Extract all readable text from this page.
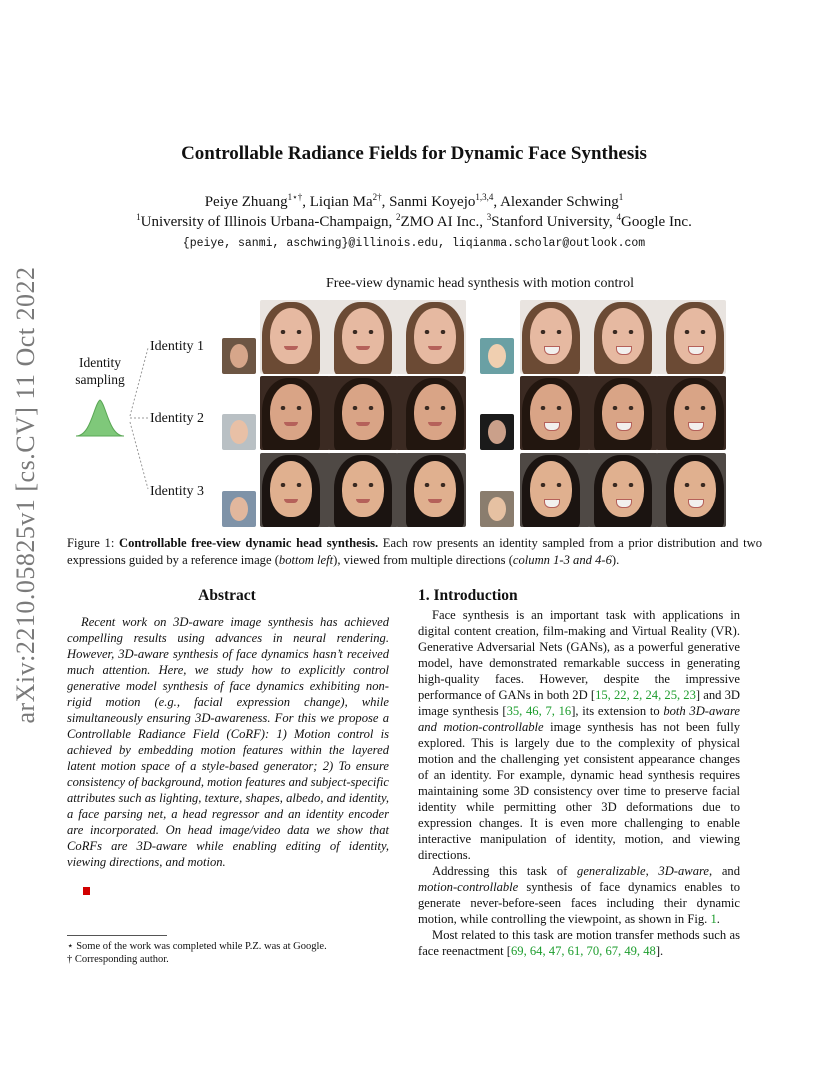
arXiv:2210.05825v1 [cs.CV] 11 Oct 2022
Controllable Radiance Fields for Dynamic Face Synthesis
Peiye Zhuang$^{1⋆\dagger}$, Liqian $Ma^{2\dagger}$, Sanmi Koyejo$^{1,3,4}$, Alexander Schwing$^1$
$^1$University of Illinois Urbana-Champaign, $^2$ZMO AI Inc., $^3$Stanford University, $^4$Google Inc.
{peiye, sanmi, aschwing}@illinois.edu, liqianma.scholar@outlook.com
Free-view dynamic head synthesis with motion control
Identity sampling
Identity 1
Identity 2
Identity 3
Figure 1: Controllable free-view dynamic head synthesis. Each row presents an identity sampled from a prior distribution and two expressions guided by a reference image (bottom left), viewed from multiple directions (column 1-3 and 4-6).
Abstract
Recent work on 3D-aware image synthesis has achieved compelling results using advances in neural rendering. However, 3D-aware synthesis of face dynamics hasn’t received much attention. Here, we study how to explicitly control generative model synthesis of face dynamics exhibiting non-rigid motion (e.g., facial expression change), while simultaneously ensuring 3D-awareness. For this we propose a Controllable Radiance Field (CoRF): 1) Motion control is achieved by embedding motion features within the layered latent motion space of a style-based generator; 2) To ensure consistency of background, motion features and subject-specific attributes such as lighting, texture, shapes, albedo, and identity, a face parsing net, a head regressor and an identity encoder are incorporated. On head image/video data we show that CoRFs are 3D-aware while enabling editing of identity, viewing directions, and motion.
1. Introduction

Face synthesis is an important task with applications in digital content creation, film-making and Virtual Reality (VR). Generative Adversarial Nets (GANs), as a powerful generative model, have demonstrated remarkable success in generating high-quality faces. However, despite the impressive performance of GANs in both 2D [15, 22, 2, 24, 25, 23] and 3D image synthesis [35, 46, 7, 16], its extension to both 3D-aware and motion-controllable image synthesis has not been fully explored. This is largely due to the complexity of physical motion and the challenging yet consistent appearance changes of an identity. For example, dynamic head synthesis requires maintaining some 3D consistency over time to preserve facial identity while permitting other 3D deformations due to expression changes. It is even more challenging to enable interactive manipulation of identity, motion, and viewing directions.

Addressing this task of generalizable, 3D-aware, and motion-controllable synthesis of face dynamics enables to generate never-before-seen faces including their dynamic motion, while controlling the viewpoint, as shown in Fig. 1.

Most related to this task are motion transfer methods such as face reenactment [69, 64, 47, 61, 70, 67, 49, 48].

⋆ Some of the work was completed while P.Z. was at Google.
† Corresponding author.
